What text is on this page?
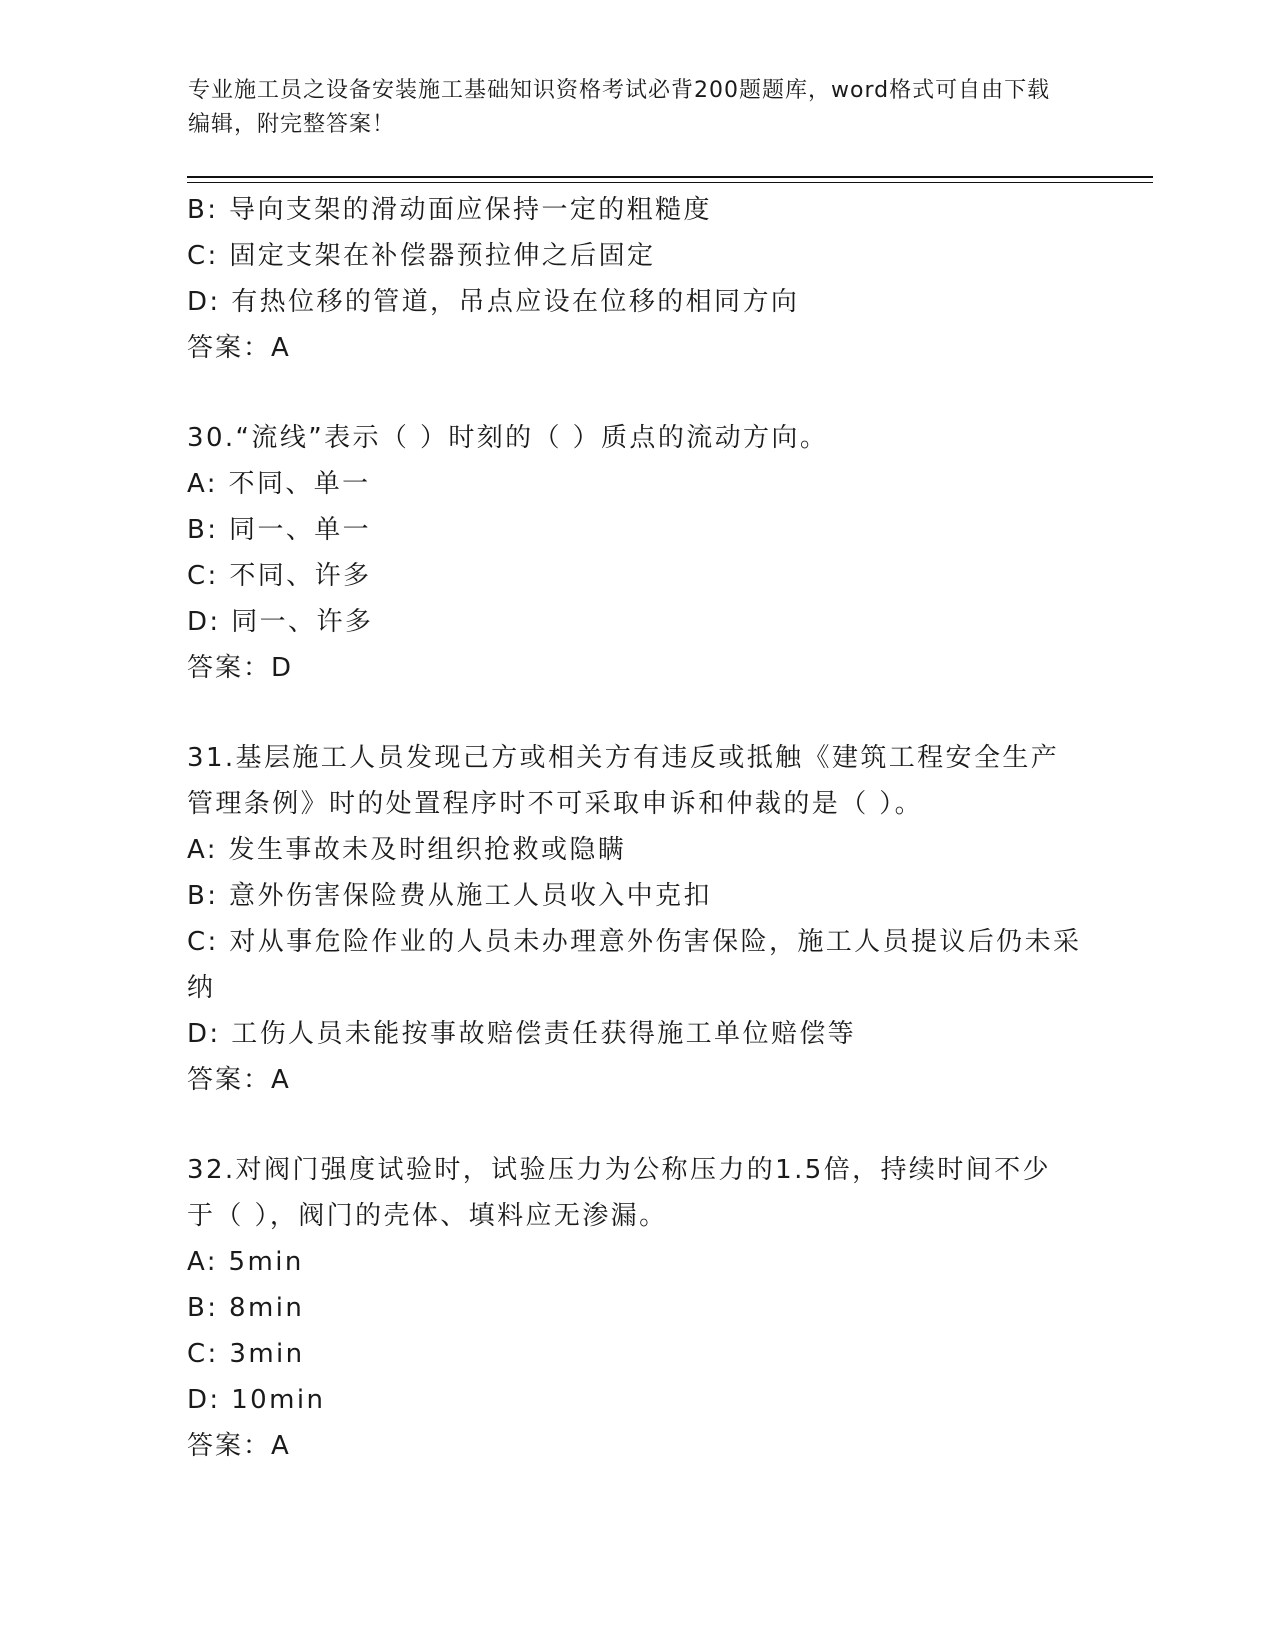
专业施工员之设备安装施工基础知识资格考试必背200题题库，word格式可自由下载编辑，附完整答案！

B: 导向支架的滑动面应保持一定的粗糙度

C: 固定支架在补偿器预拉伸之后固定

D: 有热位移的管道，吊点应设在位移的相同方向

答案：A

30.“流线”表示（ ）时刻的（ ）质点的流动方向。

A: 不同、单一

B: 同一、单一

C: 不同、许多

D: 同一、许多

答案：D

31.基层施工人员发现己方或相关方有违反或抵触《建筑工程安全生产管理条例》时的处置程序时不可采取申诉和仲裁的是（ ）。

A: 发生事故未及时组织抢救或隐瞒

B: 意外伤害保险费从施工人员收入中克扣

C: 对从事危险作业的人员未办理意外伤害保险，施工人员提议后仍未采纳

D: 工伤人员未能按事故赔偿责任获得施工单位赔偿等

答案：A

32.对阀门强度试验时，试验压力为公称压力的1.5倍，持续时间不少于（ ），阀门的壳体、填料应无渗漏。

A: 5min

B: 8min

C: 3min

D: 10min

答案：A
